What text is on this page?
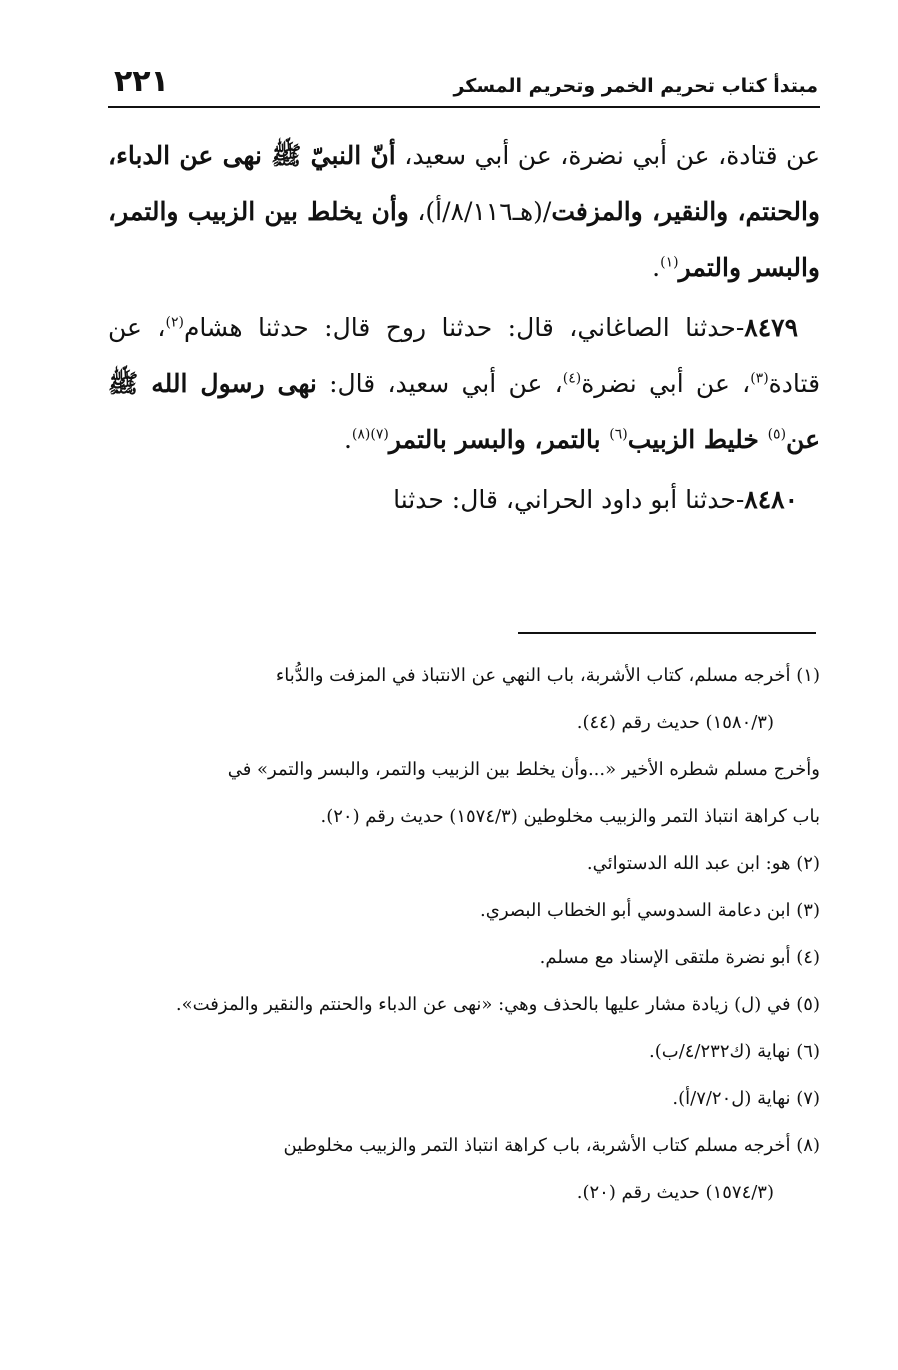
٢٢١	مبتدأ كتاب تحريم الخمر وتحريم المسكر

عن قتادة، عن أبي نضرة، عن أبي سعيد، أنّ النبيّ ﷺ نهى عن الدباء، والحنتم، والنقير، والمزفت/(هـ٨/١١٦/أ)، وأن يخلط بين الزبيب والتمر، والبسر والتمر$^{(١)}$.

٨٤٧٩-حدثنا الصاغاني، قال: حدثنا روح قال: حدثنا هشام$^{(٢)}$، عن قتادة$^{(٣)}$، عن أبي نضرة$^{(٤)}$، عن أبي سعيد، قال: نهى رسول الله ﷺ عن$^{(٥)}$ خليط الزبيب$^{(٦)}$ بالتمر، والبسر بالتمر$^{(٧)(٨)}$.

٨٤٨٠-حدثنا أبو داود الحراني، قال: حدثنا

(١) أخرجه مسلم، كتاب الأشربة، باب النهي عن الانتباذ في المزفت والدُّباء

(١٥٨٠/٣) حديث رقم (٤٤).

وأخرج مسلم شطره الأخير «...وأن يخلط بين الزبيب والتمر، والبسر والتمر» في

باب كراهة انتباذ التمر والزبيب مخلوطين (١٥٧٤/٣) حديث رقم (٢٠).

(٢) هو: ابن عبد الله الدستوائي.

(٣) ابن دعامة السدوسي أبو الخطاب البصري.

(٤) أبو نضرة ملتقى الإسناد مع مسلم.

(٥) في (ل) زيادة مشار عليها بالحذف وهي: «نهى عن الدباء والحنتم والنقير والمزفت».

(٦) نهاية (ك٤/٢٣٢/ب).

(٧) نهاية (ل٧/٢٠/أ).

(٨) أخرجه مسلم كتاب الأشربة، باب كراهة انتباذ التمر والزبيب مخلوطين

(١٥٧٤/٣) حديث رقم (٢٠).
